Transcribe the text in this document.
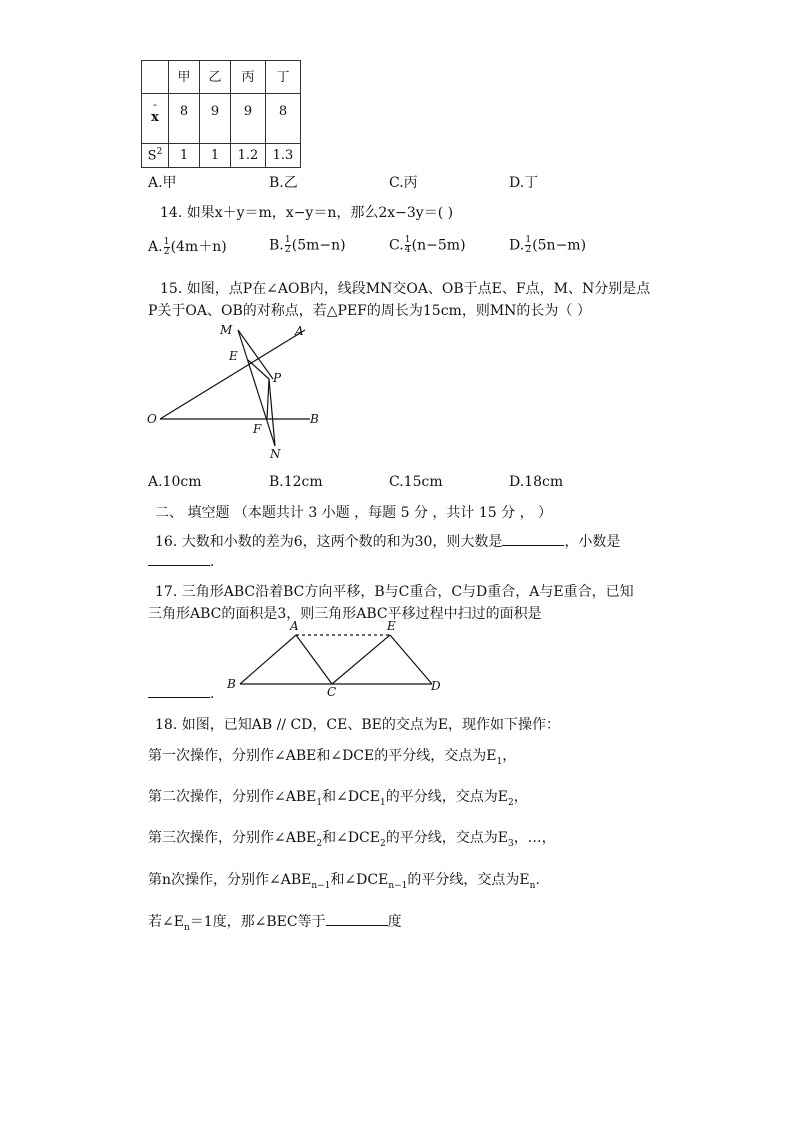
	甲	乙	丙	丁

-
x	8	9	9	8
$S^2$	1	1	1.2	1.3
A.甲	B.乙	C.丙	D.丁
14. 如果x＋y＝m，x−y＝n，那么2x−3y＝( )
A. $\frac{1}{2} (4m+n)$	B. $\frac{1}{2} (5m-n)$	C. $\frac{1}{4} (n-5m)$	D. $\frac{1}{2} (5n-m)$
15. 如图，点P在∠AOB内，线段MN交OA、OB于点E、F点，M、N分别是点
P关于OA、OB的对称点，若△PEF的周长为15cm，则MN的长为（ ）
M	A
E
P
O
F
B
N
A.10cm	B.12cm	C.15cm	D.18cm
二、 填空题 （本题共计 3 小题 ，每题 5 分 ，共计 15 分 ， ）
16. 大数和小数的差为6，这两个数的和为30，则大数是	，小数是
.
17. 三角形ABC沿着BC方向平移，B与C重合，C与D重合，A与E重合，已知
三角形ABC的面积是3，则三角形ABC平移过程中扫过的面积是
A	E
B
C	D
.
18. 如图，已知AB // CD，CE、BE的交点为E，现作如下操作：
第一次操作，分别作∠ABE和∠DCE的平分线，交点为$E_1$，
第二次操作，分别作$\angle ABE_1$和$\angle DCE_1$的平分线，交点为$E_2$，
第三次操作，分别作$\angle ABE_2$和$\angle DCE_2$的平分线，交点为$E_3$，…，
第n次操作，分别作$\angle ABE_{n-1}$和$\angle DCE_{n-1}$的平分线，交点为$E_n$.
若$\angle E_n=1$度，那∠BEC等于	度
